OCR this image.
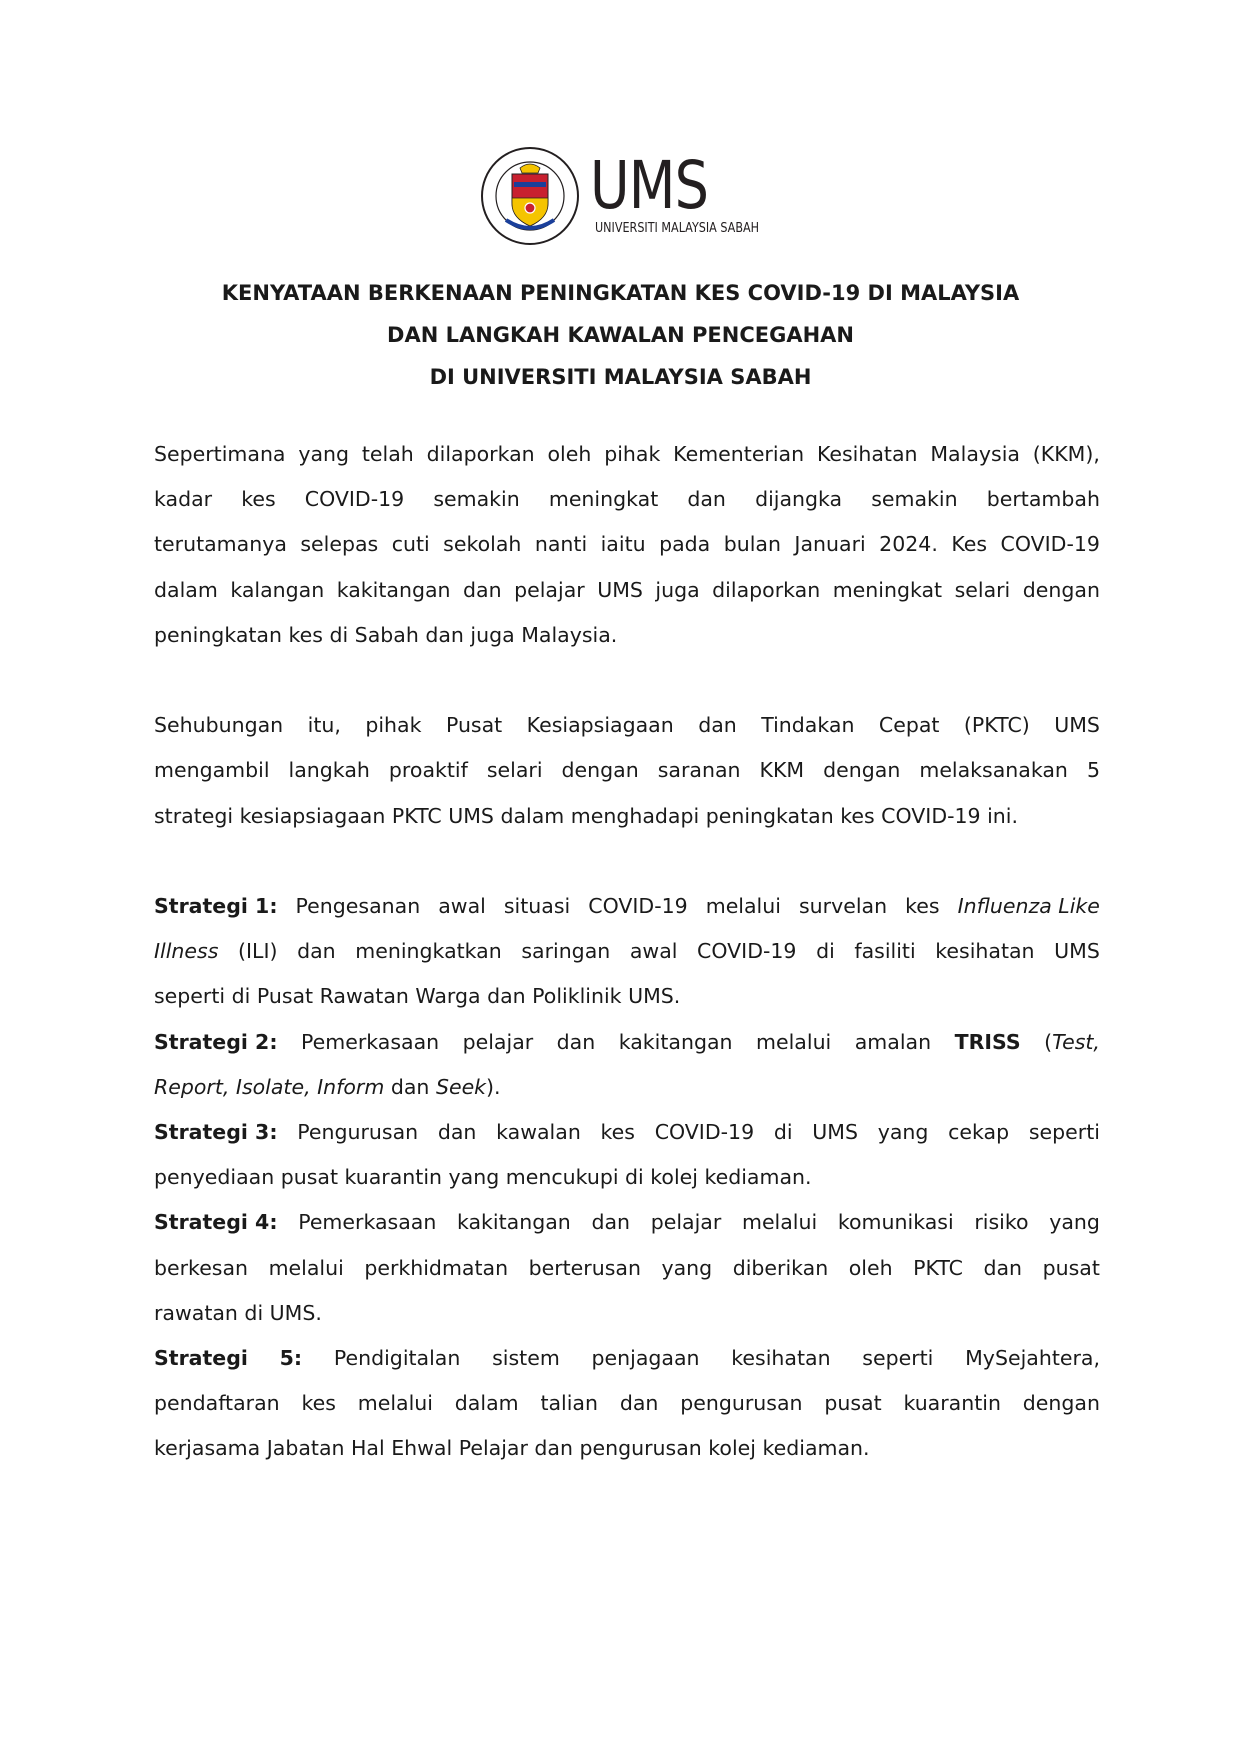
UMS
UNIVERSITI MALAYSIA SABAH
KENYATAAN BERKENAAN PENINGKATAN KES COVID-19 DI MALAYSIA
DAN LANGKAH KAWALAN PENCEGAHAN
DI UNIVERSITI MALAYSIA SABAH
Sepertimana yang telah dilaporkan oleh pihak Kementerian Kesihatan Malaysia (KKM),
kadar kes COVID-19 semakin meningkat dan dijangka semakin bertambah
terutamanya selepas cuti sekolah nanti iaitu pada bulan Januari 2024. Kes COVID-19
dalam kalangan kakitangan dan pelajar UMS juga dilaporkan meningkat selari dengan
peningkatan kes di Sabah dan juga Malaysia.
Sehubungan itu, pihak Pusat Kesiapsiagaan dan Tindakan Cepat (PKTC) UMS
mengambil langkah proaktif selari dengan saranan KKM dengan melaksanakan 5
strategi kesiapsiagaan PKTC UMS dalam menghadapi peningkatan kes COVID-19 ini.
Strategi 1: Pengesanan awal situasi COVID-19 melalui survelan kes Influenza Like
Illness (ILI) dan meningkatkan saringan awal COVID-19 di fasiliti kesihatan UMS
seperti di Pusat Rawatan Warga dan Poliklinik UMS.
Strategi 2: Pemerkasaan pelajar dan kakitangan melalui amalan TRISS (Test,
Report, Isolate, Inform dan Seek).
Strategi 3: Pengurusan dan kawalan kes COVID-19 di UMS yang cekap seperti
penyediaan pusat kuarantin yang mencukupi di kolej kediaman.
Strategi 4: Pemerkasaan kakitangan dan pelajar melalui komunikasi risiko yang
berkesan melalui perkhidmatan berterusan yang diberikan oleh PKTC dan pusat
rawatan di UMS.
Strategi 5: Pendigitalan sistem penjagaan kesihatan seperti MySejahtera,
pendaftaran kes melalui dalam talian dan pengurusan pusat kuarantin dengan
kerjasama Jabatan Hal Ehwal Pelajar dan pengurusan kolej kediaman.
